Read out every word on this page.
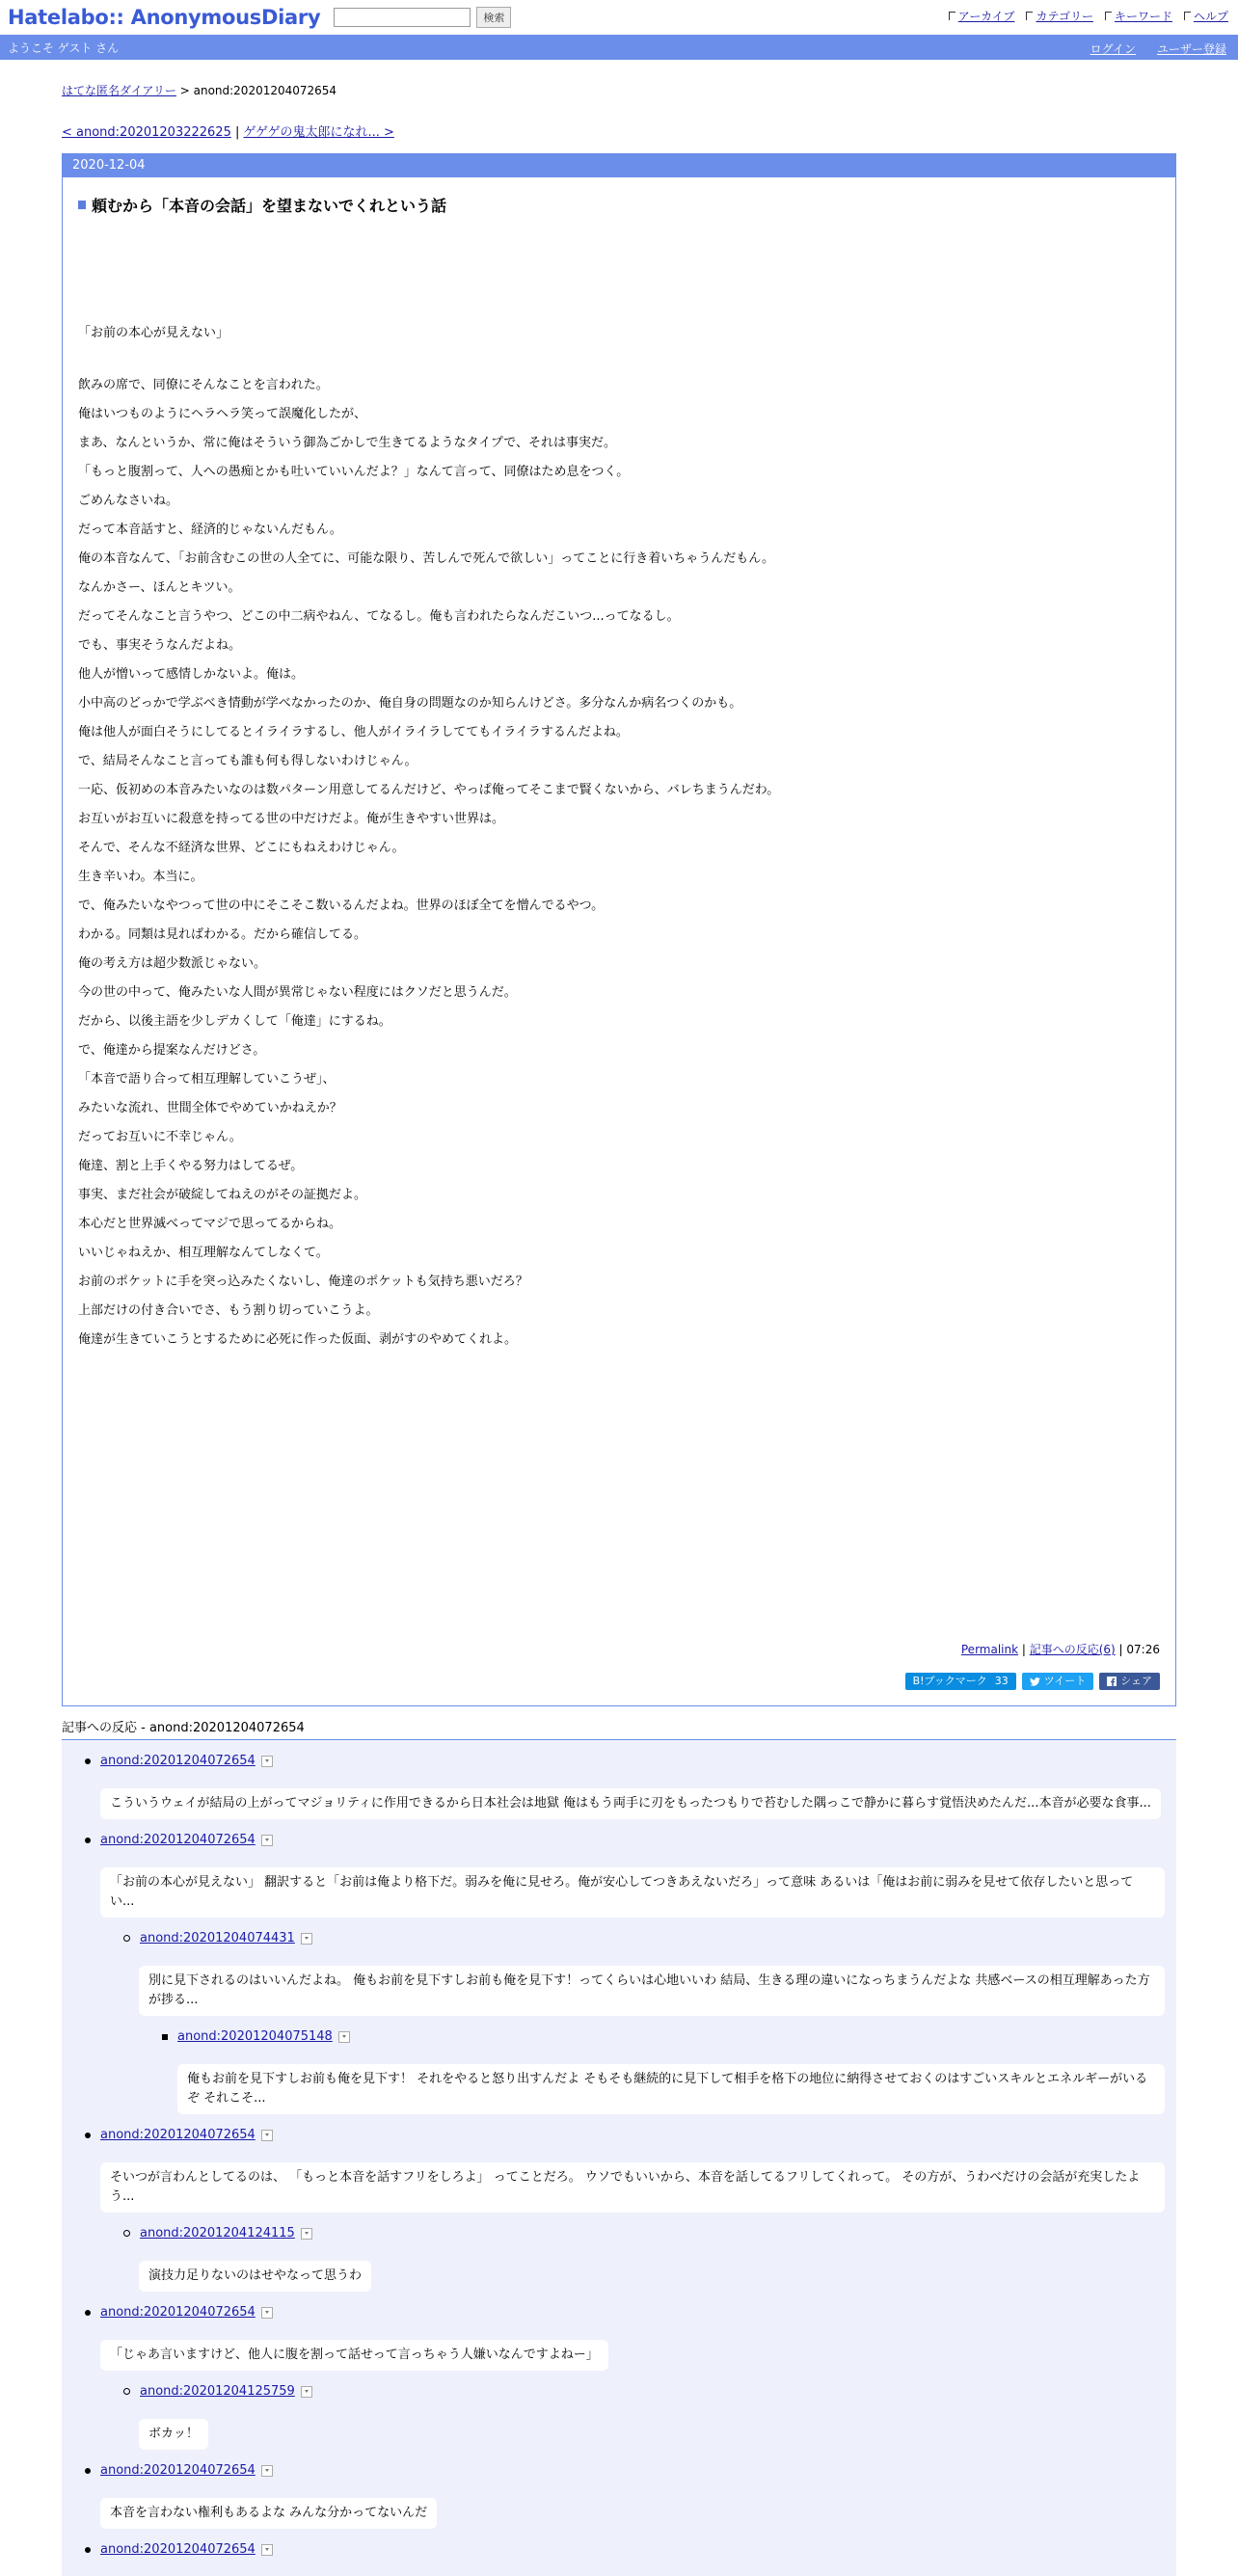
Hatelabo:: AnonymousDiary	検索	アーカイブ	カテゴリー	キーワード	ヘルプ
ようこそ ゲスト さん	ログイン ユーザー登録
はてな匿名ダイアリー > anond:20201204072654
< anond:20201203222625 | ゲゲゲの鬼太郎になれ... >
2020-12-04
頼むから「本音の会話」を望まないでくれという話

「お前の本心が見えない」

飲みの席で、同僚にそんなことを言われた。

俺はいつものようにヘラヘラ笑って誤魔化したが、

まあ、なんというか、常に俺はそういう御為ごかしで生きてるようなタイプで、それは事実だ。

「もっと腹割って、人への愚痴とかも吐いていいんだよ？」なんて言って、同僚はため息をつく。

ごめんなさいね。

だって本音話すと、経済的じゃないんだもん。

俺の本音なんて、「お前含むこの世の人全てに、可能な限り、苦しんで死んで欲しい」ってことに行き着いちゃうんだもん。

なんかさー、ほんとキツい。

だってそんなこと言うやつ、どこの中二病やねん、てなるし。俺も言われたらなんだこいつ...ってなるし。

でも、事実そうなんだよね。

他人が憎いって感情しかないよ。俺は。

小中高のどっかで学ぶべき情動が学べなかったのか、俺自身の問題なのか知らんけどさ。多分なんか病名つくのかも。

俺は他人が面白そうにしてるとイライラするし、他人がイライラしててもイライラするんだよね。

で、結局そんなこと言っても誰も何も得しないわけじゃん。

一応、仮初めの本音みたいなのは数パターン用意してるんだけど、やっぱ俺ってそこまで賢くないから、バレちまうんだわ。

お互いがお互いに殺意を持ってる世の中だけだよ。俺が生きやすい世界は。

そんで、そんな不経済な世界、どこにもねえわけじゃん。

生き辛いわ。本当に。

で、俺みたいなやつって世の中にそこそこ数いるんだよね。世界のほぼ全てを憎んでるやつ。

わかる。同類は見ればわかる。だから確信してる。

俺の考え方は超少数派じゃない。

今の世の中って、俺みたいな人間が異常じゃない程度にはクソだと思うんだ。

だから、以後主語を少しデカくして「俺達」にするね。

で、俺達から提案なんだけどさ。

「本音で語り合って相互理解していこうぜ」、

みたいな流れ、世間全体でやめていかねえか？

だってお互いに不幸じゃん。

俺達、割と上手くやる努力はしてるぜ。

事実、まだ社会が破綻してねえのがその証拠だよ。

本心だと世界滅べってマジで思ってるからね。

いいじゃねえか、相互理解なんてしなくて。

お前のポケットに手を突っ込みたくないし、俺達のポケットも気持ち悪いだろ？

上部だけの付き合いでさ、もう割り切っていこうよ。

俺達が生きていこうとするために必死に作った仮面、剥がすのやめてくれよ。

Permalink | 記事への反応(6) | 07:26
B!ブックマーク 33	ツイート	シェア
記事への反応 - anond:20201204072654
anond:20201204072654

こういうウェイが結局の上がってマジョリティに作用できるから日本社会は地獄 俺はもう両手に刃をもったつもりで苔むした隅っこで静かに暮らす覚悟決めたんだ...本音が必要な食事...
anond:20201204072654

「お前の本心が見えない」 翻訳すると「お前は俺より格下だ。弱みを俺に見せろ。俺が安心してつきあえないだろ」って意味 あるいは「俺はお前に弱みを見せて依存したいと思ってい...
anond:20201204074431

別に見下されるのはいいんだよね。 俺もお前を見下すしお前も俺を見下す！ってくらいは心地いいわ 結局、生きる理の違いになっちまうんだよな 共感ベースの相互理解あった方が捗る...
anond:20201204075148

俺もお前を見下すしお前も俺を見下す！ それをやると怒り出すんだよ そもそも継続的に見下して相手を格下の地位に納得させておくのはすごいスキルとエネルギーがいるぞ それこそ...
anond:20201204072654

そいつが言わんとしてるのは、 「もっと本音を話すフリをしろよ」 ってことだろ。 ウソでもいいから、本音を話してるフリしてくれって。 その方が、うわべだけの会話が充実したよう...
anond:20201204124115

演技力足りないのはせやなって思うわ
anond:20201204072654

「じゃあ言いますけど、他人に腹を割って話せって言っちゃう人嫌いなんですよねー」
anond:20201204125759

ボカッ！
anond:20201204072654

本音を言わない権利もあるよな みんな分かってないんだ
anond:20201204072654
